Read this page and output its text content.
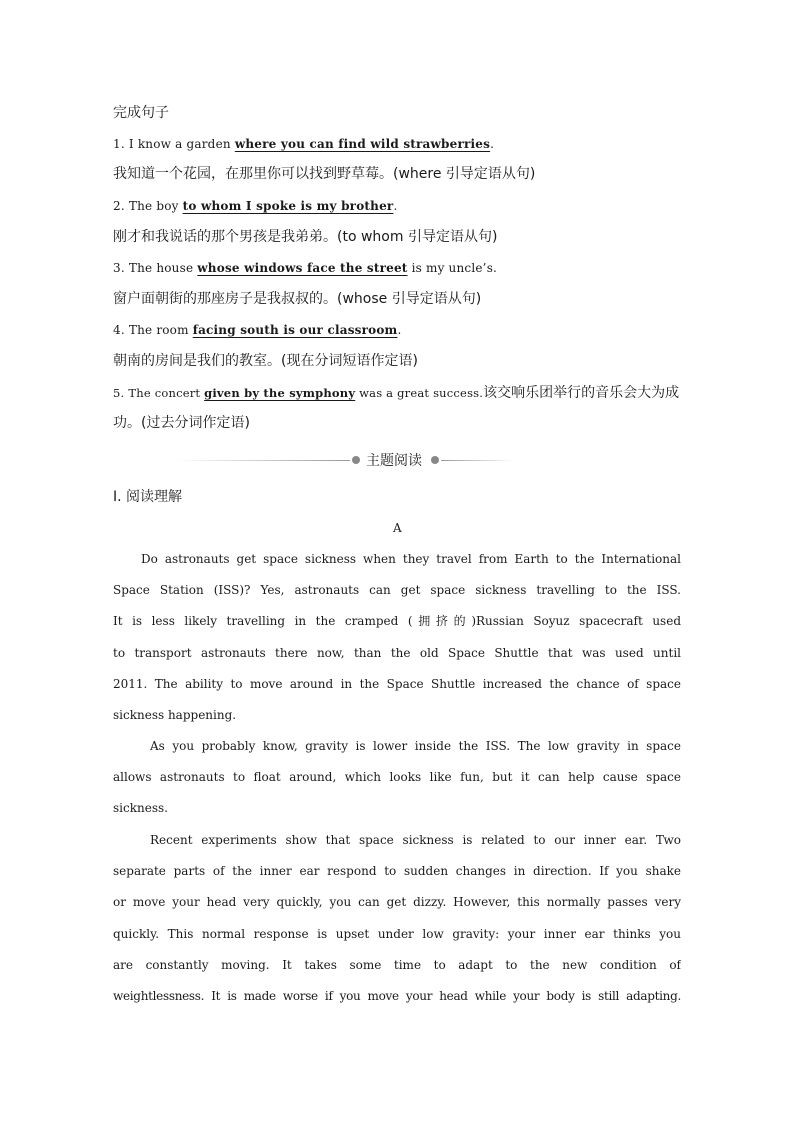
完成句子
1. I know a garden where you can find wild strawberries.
我知道一个花园，在那里你可以找到野草莓。(where 引导定语从句)
2. The boy to whom I spoke is my brother.
刚才和我说话的那个男孩是我弟弟。(to whom 引导定语从句)
3. The house whose windows face the street is my uncle’s.
窗户面朝街的那座房子是我叔叔的。(whose 引导定语从句)
4. The room facing south is our classroom.
朝南的房间是我们的教室。(现在分词短语作定语)
5. The concert given by the symphony was a great success.该交响乐团举行的音乐会大为成
功。(过去分词作定语)
主题阅读
Ⅰ. 阅读理解
A
Do astronauts get space sickness when they travel from Earth to the International
Space Station (ISS)? Yes, astronauts can get space sickness travelling to the ISS.
It is less likely travelling in the cramped (拥挤的)Russian Soyuz spacecraft used
to transport astronauts there now, than the old Space Shuttle that was used until
2011. The ability to move around in the Space Shuttle increased the chance of space
sickness happening.
As you probably know, gravity is lower inside the ISS. The low gravity in space
allows astronauts to float around, which looks like fun, but it can help cause space
sickness.
Recent experiments show that space sickness is related to our inner ear. Two
separate parts of the inner ear respond to sudden changes in direction. If you shake
or move your head very quickly, you can get dizzy. However, this normally passes very
quickly. This normal response is upset under low gravity: your inner ear thinks you
are constantly moving. It takes some time to adapt to the new condition of
weightlessness. It is made worse if you move your head while your body is still adapting.
